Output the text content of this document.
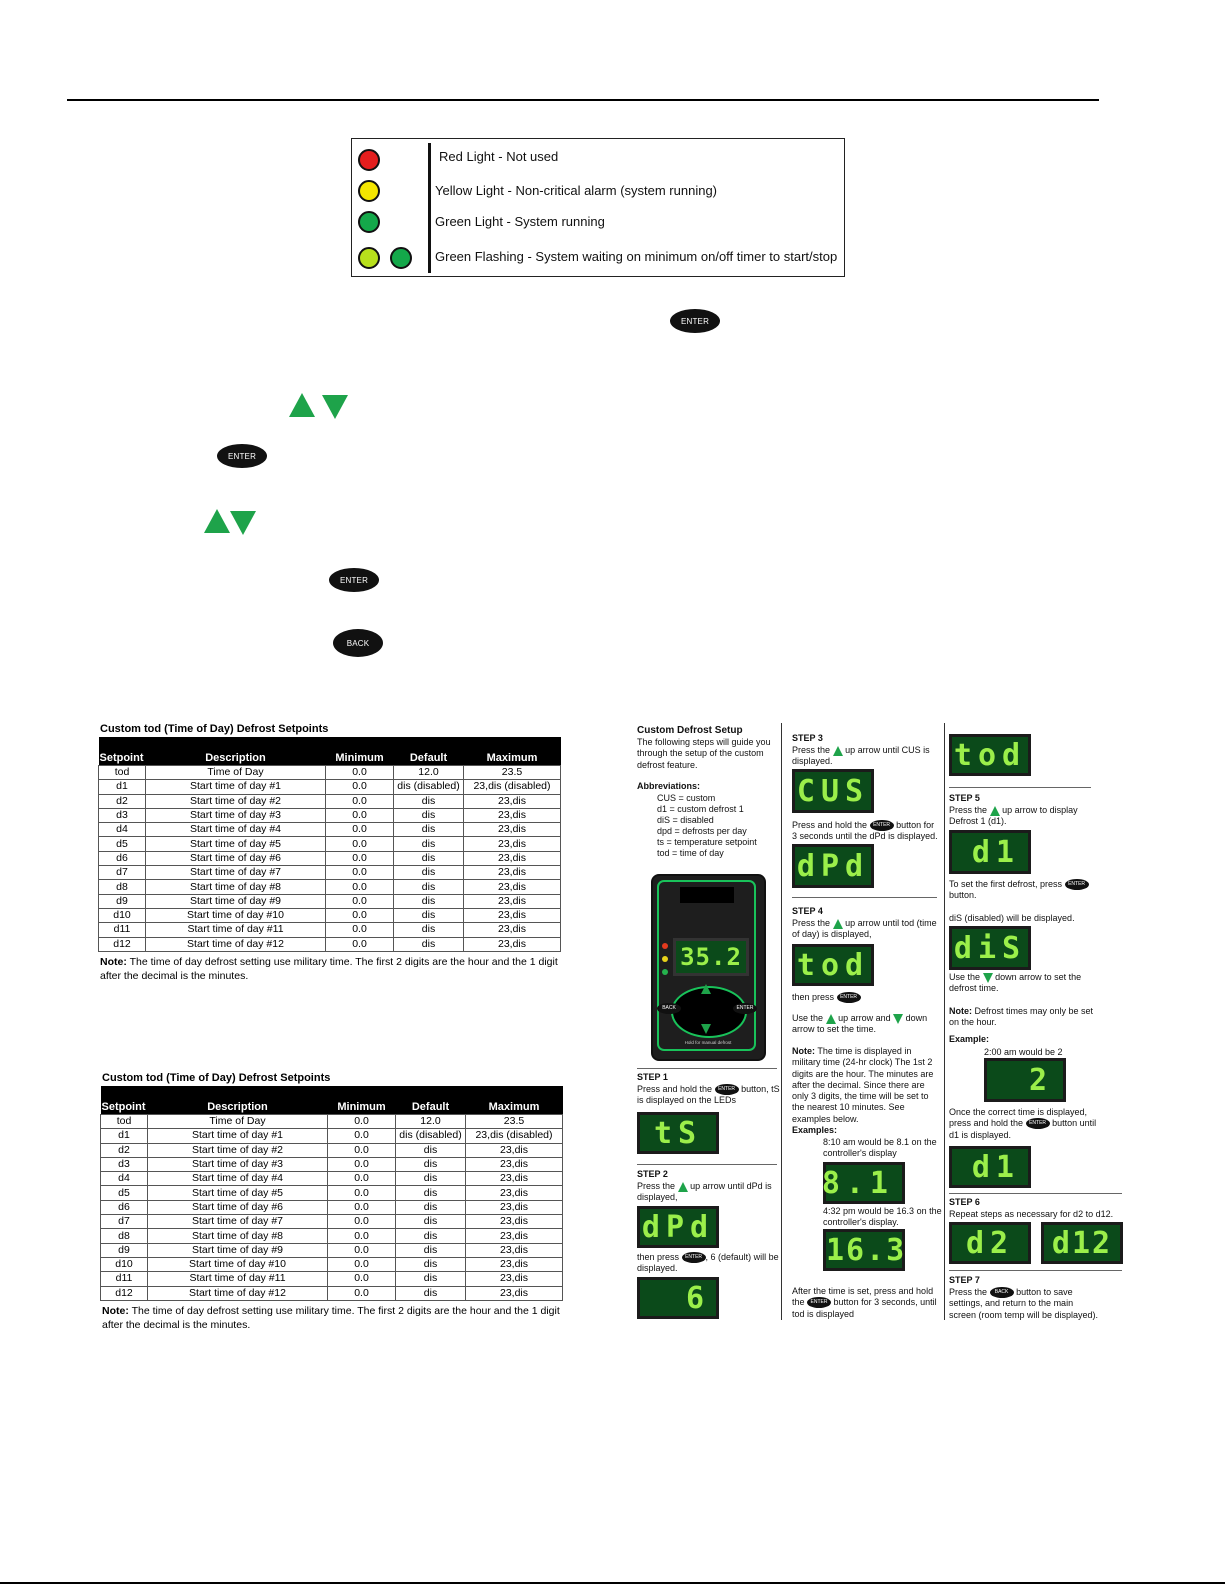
Red Light - Not used
Yellow Light - Non-critical alarm (system running)
Green Light - System running
Green Flashing - System waiting on minimum on/off timer to start/stop
ENTER
ENTER
ENTER
BACK
Custom tod (Time of Day) Defrost Setpoints
Setpoint	Description	Minimum	Default	Maximum
tod	Time of Day	0.0	12.0	23.5
d1	Start time of day #1	0.0	dis (disabled)	23,dis (disabled)
d2	Start time of day #2	0.0	dis	23,dis
d3	Start time of day #3	0.0	dis	23,dis
d4	Start time of day #4	0.0	dis	23,dis
d5	Start time of day #5	0.0	dis	23,dis
d6	Start time of day #6	0.0	dis	23,dis
d7	Start time of day #7	0.0	dis	23,dis
d8	Start time of day #8	0.0	dis	23,dis
d9	Start time of day #9	0.0	dis	23,dis
d10	Start time of day #10	0.0	dis	23,dis
d11	Start time of day #11	0.0	dis	23,dis
d12	Start time of day #12	0.0	dis	23,dis
Note: The time of day defrost setting use military time. The first 2 digits are the hour and the 1 digit after the decimal is the minutes.
Custom tod (Time of Day) Defrost Setpoints
Setpoint	Description	Minimum	Default	Maximum
tod	Time of Day	0.0	12.0	23.5
d1	Start time of day #1	0.0	dis (disabled)	23,dis (disabled)
d2	Start time of day #2	0.0	dis	23,dis
d3	Start time of day #3	0.0	dis	23,dis
d4	Start time of day #4	0.0	dis	23,dis
d5	Start time of day #5	0.0	dis	23,dis
d6	Start time of day #6	0.0	dis	23,dis
d7	Start time of day #7	0.0	dis	23,dis
d8	Start time of day #8	0.0	dis	23,dis
d9	Start time of day #9	0.0	dis	23,dis
d10	Start time of day #10	0.0	dis	23,dis
d11	Start time of day #11	0.0	dis	23,dis
d12	Start time of day #12	0.0	dis	23,dis
Note: The time of day defrost setting use military time. The first 2 digits are the hour and the 1 digit after the decimal is the minutes.
Custom Defrost Setup
The following steps will guide you through the setup of the custom defrost feature.
Abbreviations:
CUS = custom
d1 = custom defrost 1
diS = disabled
dpd = defrosts per day
ts = temperature setpoint
tod = time of day
35.2
BACK	ENTER
Hold for manual defrost
STEP 1
Press and hold the ENTER button, tS is displayed on the LEDs
tS
STEP 2
Press the up arrow until dPd is displayed,
dPd
then press ENTER , 6 (default) will be displayed.
6
STEP 3
Press the up arrow until CUS is displayed.
CUS
Press and hold the ENTER button for 3 seconds until the dPd is displayed.
dPd
STEP 4
Press the up arrow until tod (time of day) is displayed,
tod
then press ENTER
Use the up arrow and down arrow to set the time.
Note: The time is displayed in military time (24-hr clock) The 1st 2 digits are the hour. The minutes are after the decimal. Since there are only 3 digits, the time will be set to the nearest 10 minutes. See examples below.
Examples:
8:10 am would be 8.1 on the controller's display
8.1
4:32 pm would be 16.3 on the controller's display.
16.3
After the time is set, press and hold the ENTER button for 3 seconds, until tod is displayed
tod
STEP 5
Press the up arrow to display Defrost 1 (d1).
d1
To set the first defrost, press ENTER button.
diS (disabled) will be displayed.
diS
Use the down arrow to set the defrost time.
Note: Defrost times may only be set on the hour.
Example:
2:00 am would be 2
2
Once the correct time is displayed, press and hold the ENTER button until d1 is displayed.
d1
STEP 6
Repeat steps as necessary for d2 to d12.
d2	d12
STEP 7
Press the BACK button to save settings, and return to the main screen (room temp will be displayed).
